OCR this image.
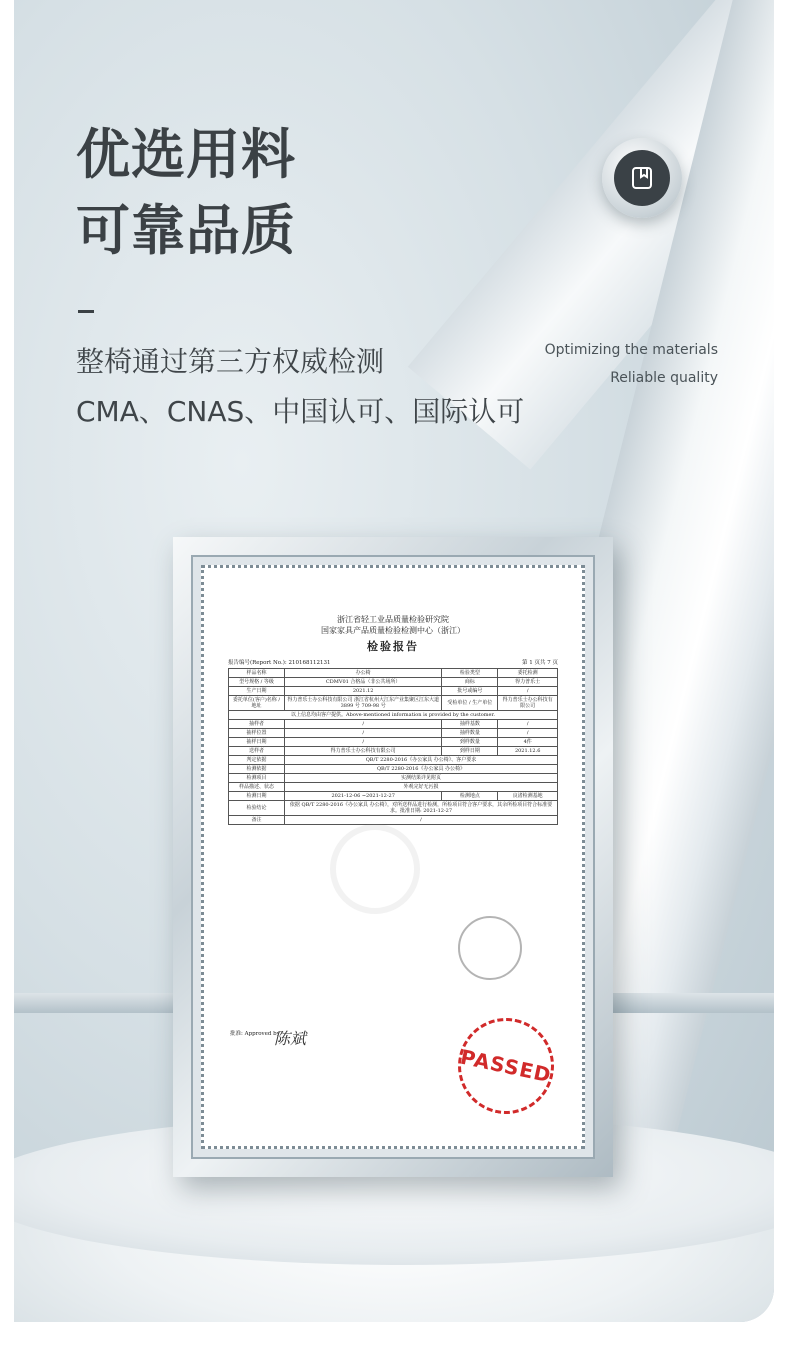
优选用料
可靠品质
整椅通过第三方权威检测
CMA、CNAS、中国认可、国际认可
Optimizing the materials
Reliable quality
浙江省轻工业品质量检验研究院
国家家具产品质量检验检测中心（浙江）
检验报告
报告编号(Report No.): 210168112131	第 1 页共 7 页
样品名称	办公椅	检验类型	委托检测
型号规格 / 等级	CDMV01 合格品（非公共场所）	商标	得力普乐士
生产日期	2021.12	批号或编号	/
委托单位(客户)名称 / 地址	得力普乐士办公科技有限公司 浙江省杭州大江东产业集聚区江东大道 3899 号 709-98 号	受检单位 / 生产单位	得力普乐士办公科技有限公司
以上信息均由客户提供。Above-mentioned information is provided by the customer.			
抽样者	/	抽样基数	/
抽样位置	/	抽样数量	/
抽样日期	/	到样数量	4件
送样者	得力普乐士办公科技有限公司	到样日期	2021.12.6
判定依据	QB/T 2280-2016《办公家具 办公椅》、客户要求		
检测依据	QB/T 2280-2016《办公家具 办公椅》		
检测项目	实测结果详见附页		
样品描述、状态	外观完好无污损		
检测日期	2021-12-06 ~2021-12-27	检测地点	良渚检测基地
检验结论	依据 QB/T 2280-2016《办公家具 办公椅》，对所送样品进行检测，所检项目符合客户要求，其余所检项目符合标准要求。批准日期: 2021-12-27		
备注	/		
批准: Approved by
陈斌
PASSED
